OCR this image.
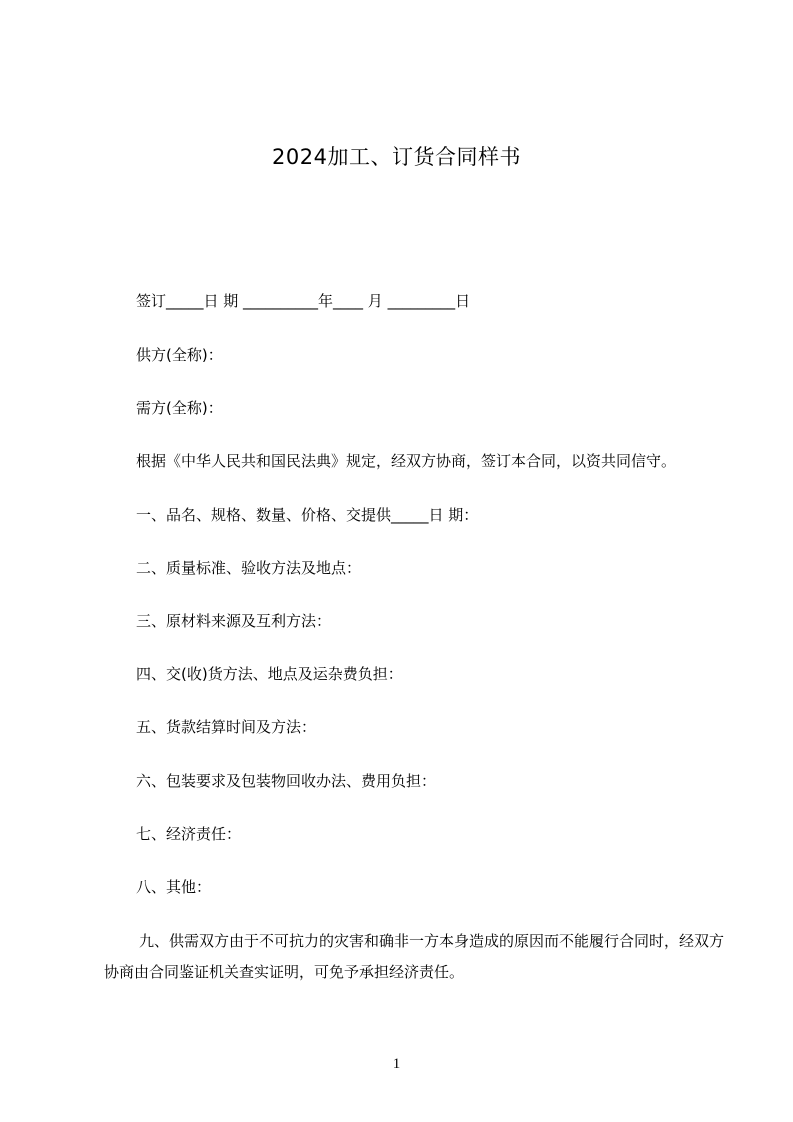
2024加工、订货合同样书
签订_____日 期 __________年____ 月 _________日
供方(全称)：
需方(全称)：
根据《中华人民共和国民法典》规定，经双方协商，签订本合同，以资共同信守。
一、品名、规格、数量、价格、交提供_____日 期：
二、质量标准、验收方法及地点：
三、原材料来源及互利方法：
四、交(收)货方法、地点及运杂费负担：
五、货款结算时间及方法：
六、包装要求及包装物回收办法、费用负担：
七、经济责任：
八、其他：
九、供需双方由于不可抗力的灾害和确非一方本身造成的原因而不能履行合同时，经双方协商由合同鉴证机关查实证明，可免予承担经济责任。
1
